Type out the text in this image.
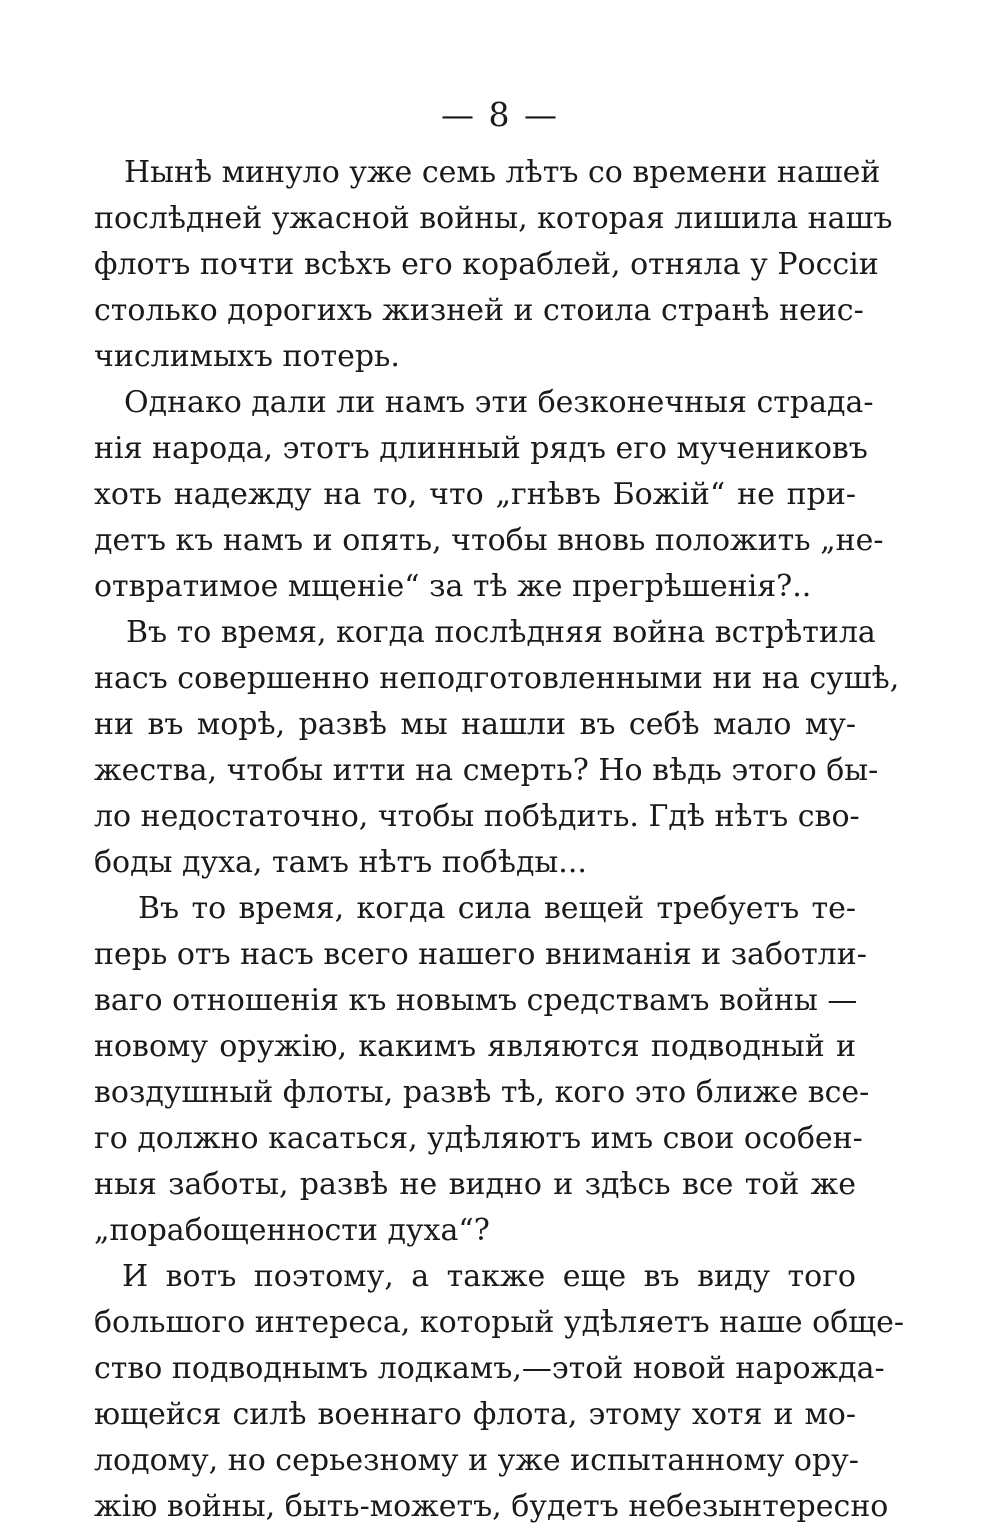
— 8 —
Нынѣ минуло уже семь лѣтъ со времени нашей
послѣдней ужасной войны, которая лишила нашъ
флотъ почти всѣхъ его кораблей, отняла у Россіи
столько дорогихъ жизней и стоила странѣ неис-
числимыхъ потерь.
Однако дали ли намъ эти безконечныя страда-
нія народа, этотъ длинный рядъ его мучениковъ
хоть надежду на то, что „гнѣвъ Божій“ не при-
детъ къ намъ и опять, чтобы вновь положить „не-
отвратимое мщеніе“ за тѣ же прегрѣшенія?..
Въ то время, когда послѣдняя война встрѣтила
насъ совершенно неподготовленными ни на сушѣ,
ни въ морѣ, развѣ мы нашли въ себѣ мало му-
жества, чтобы итти на смерть? Но вѣдь этого бы-
ло недостаточно, чтобы побѣдить. Гдѣ нѣтъ сво-
боды духа, тамъ нѣтъ побѣды...
Въ то время, когда сила вещей требуетъ те-
перь отъ насъ всего нашего вниманія и заботли-
ваго отношенія къ новымъ средствамъ войны —
новому оружію, какимъ являются подводный и
воздушный флоты, развѣ тѣ, кого это ближе все-
го должно касаться, удѣляютъ имъ свои особен-
ныя заботы, развѣ не видно и здѣсь все той же
„порабощенности духа“?
И вотъ поэтому, а также еще въ виду того
большого интереса, который удѣляетъ наше обще-
ство подводнымъ лодкамъ,—этой новой нарожда-
ющейся силѣ военнаго флота, этому хотя и мо-
лодому, но серьезному и уже испытанному ору-
жію войны, быть-можетъ, будетъ небезынтересно
